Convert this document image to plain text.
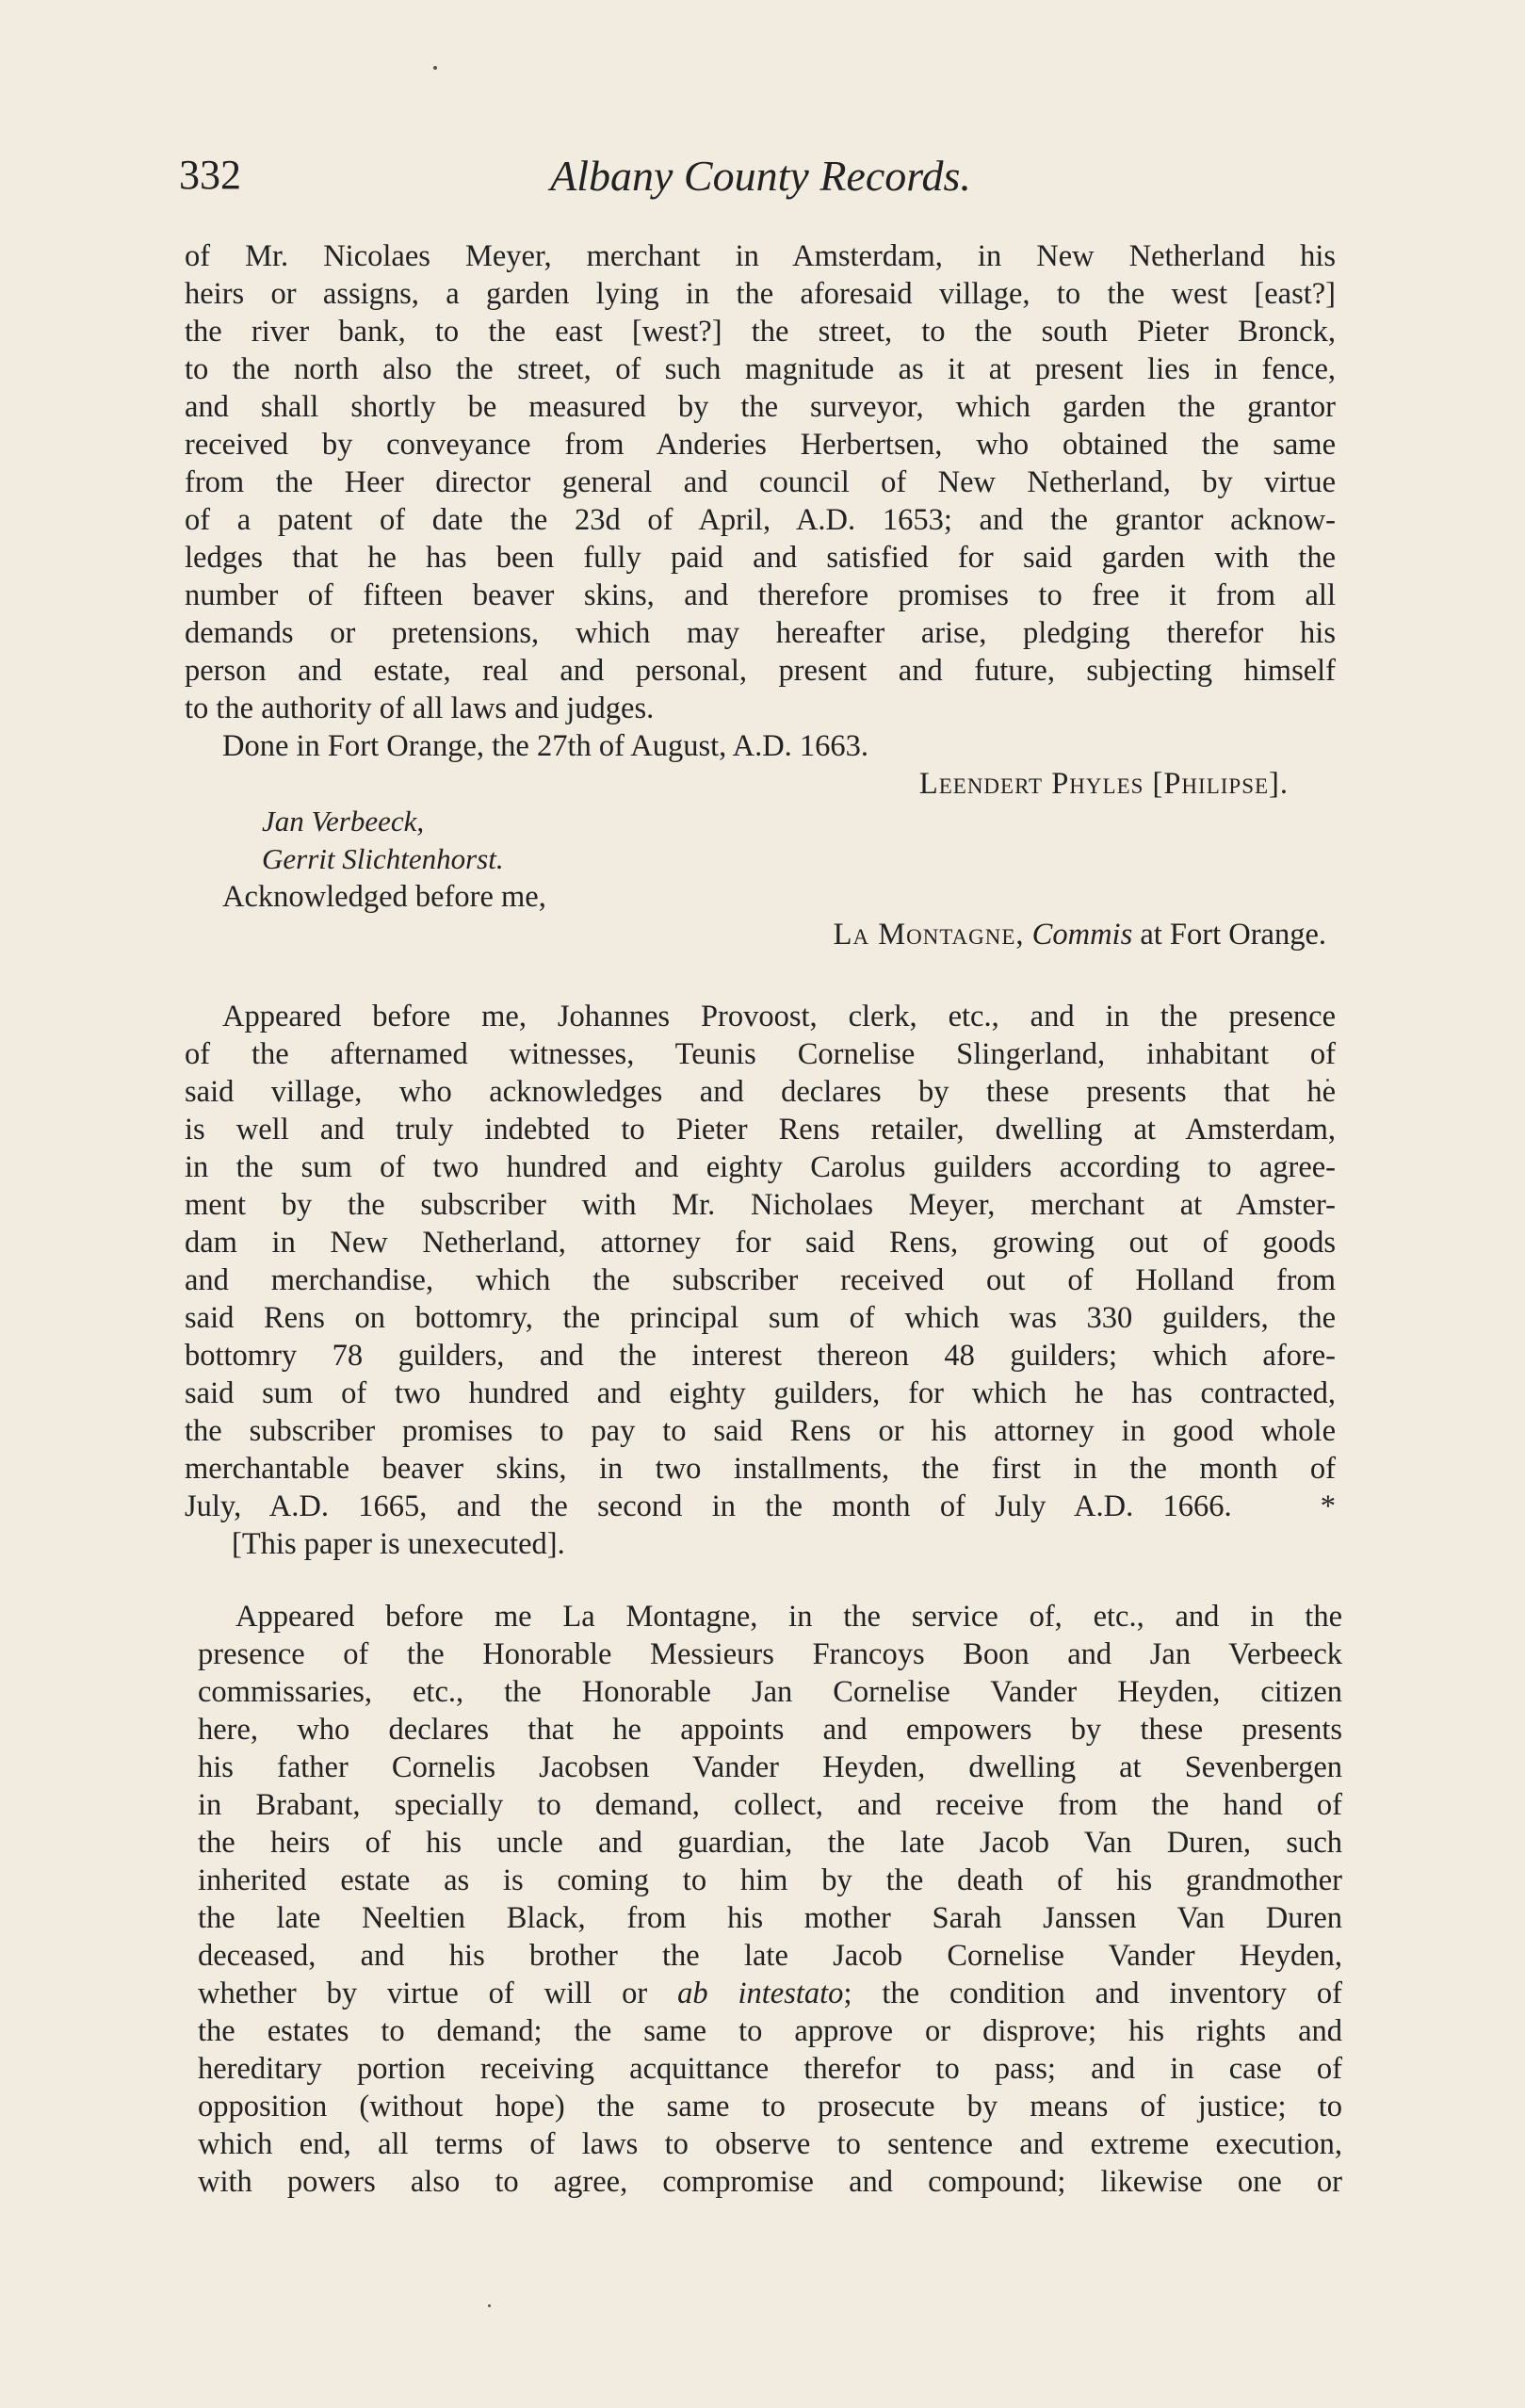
332	Albany County Records.
of Mr. Nicolaes Meyer, merchant in Amsterdam, in New Netherland his
heirs or assigns, a garden lying in the aforesaid village, to the west [east?]
the river bank, to the east [west?] the street, to the south Pieter Bronck,
to the north also the street, of such magnitude as it at present lies in fence,
and shall shortly be measured by the surveyor, which garden the grantor
received by conveyance from Anderies Herbertsen, who obtained the same
from the Heer director general and council of New Netherland, by virtue
of a patent of date the 23d of April, A.D. 1653; and the grantor acknow-
ledges that he has been fully paid and satisfied for said garden with the
number of fifteen beaver skins, and therefore promises to free it from all
demands or pretensions, which may hereafter arise, pledging therefor his
person and estate, real and personal, present and future, subjecting himself
to the authority of all laws and judges.
Done in Fort Orange, the 27th of August, A.D. 1663.
Leendert Phyles [Philipse].
Jan Verbeeck,
Gerrit Slichtenhorst.
Acknowledged before me,
La Montagne, Commis at Fort Orange.
Appeared before me, Johannes Provoost, clerk, etc., and in the presence
of the afternamed witnesses, Teunis Cornelise Slingerland, inhabitant of
said village, who acknowledges and declares by these presents that he
is well and truly indebted to Pieter Rens retailer, dwelling at Amsterdam,
in the sum of two hundred and eighty Carolus guilders according to agree-
ment by the subscriber with Mr. Nicholaes Meyer, merchant at Amster-
dam in New Netherland, attorney for said Rens, growing out of goods
and merchandise, which the subscriber received out of Holland from
said Rens on bottomry, the principal sum of which was 330 guilders, the
bottomry 78 guilders, and the interest thereon 48 guilders; which afore-
said sum of two hundred and eighty guilders, for which he has contracted,
the subscriber promises to pay to said Rens or his attorney in good whole
merchantable beaver skins, in two installments, the first in the month of
July, A.D. 1665, and the second in the month of July A.D. 1666.   *
[This paper is unexecuted].
Appeared before me La Montagne, in the service of, etc., and in the
presence of the Honorable Messieurs Francoys Boon and Jan Verbeeck
commissaries, etc., the Honorable Jan Cornelise Vander Heyden, citizen
here, who declares that he appoints and empowers by these presents
his father Cornelis Jacobsen Vander Heyden, dwelling at Sevenbergen
in Brabant, specially to demand, collect, and receive from the hand of
the heirs of his uncle and guardian, the late Jacob Van Duren, such
inherited estate as is coming to him by the death of his grandmother
the late Neeltien Black, from his mother Sarah Janssen Van Duren
deceased, and his brother the late Jacob Cornelise Vander Heyden,
whether by virtue of will or ab intestato; the condition and inventory of
the estates to demand; the same to approve or disprove; his rights and
hereditary portion receiving acquittance therefor to pass; and in case of
opposition (without hope) the same to prosecute by means of justice; to
which end, all terms of laws to observe to sentence and extreme execution,
with powers also to agree, compromise and compound; likewise one or
